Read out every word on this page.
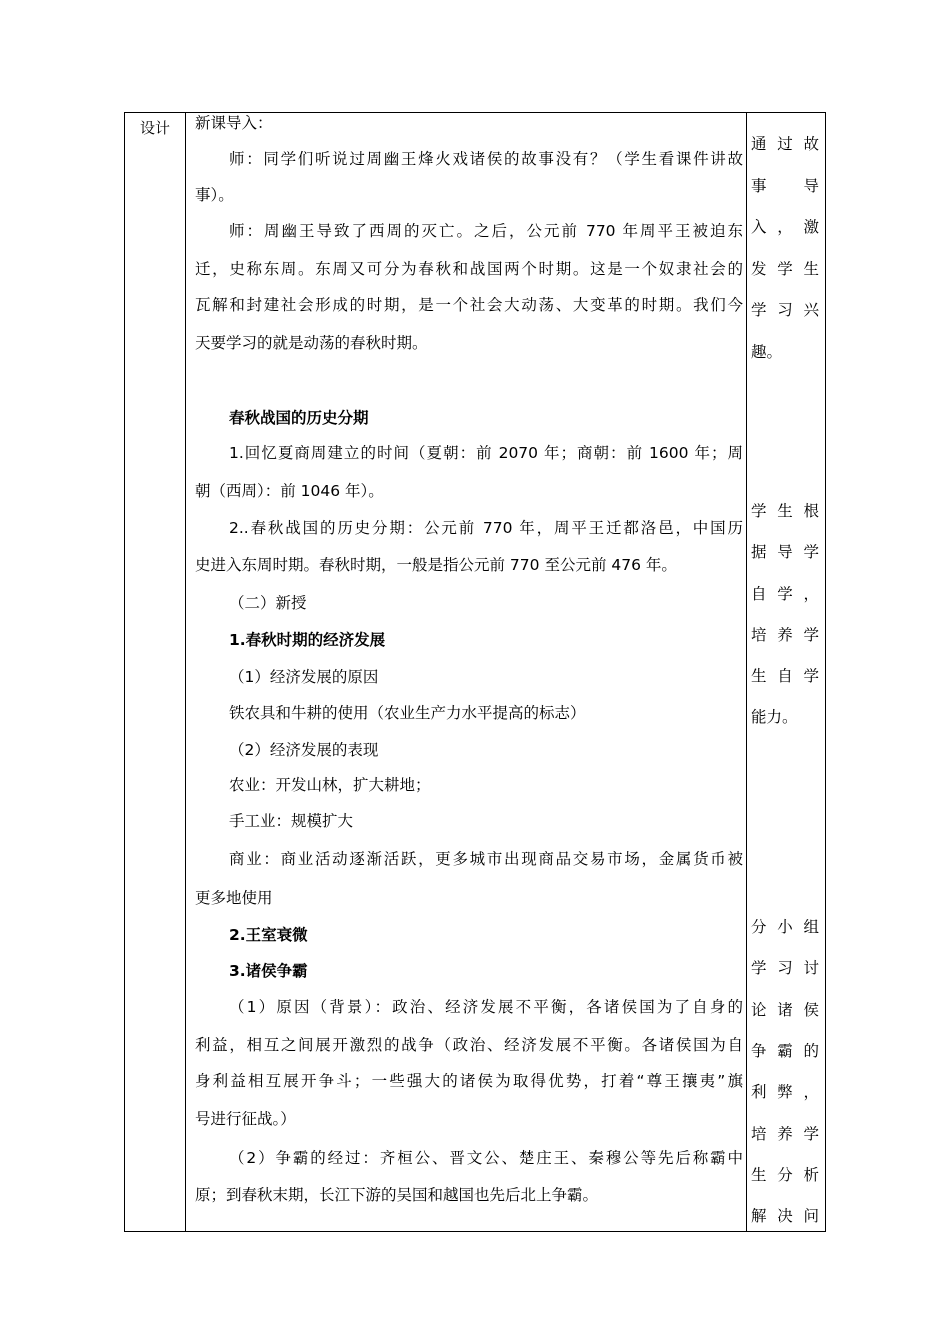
设计	新课导入：
师：同学们听说过周幽王烽火戏诸侯的故事没有？（学生看课件讲故
事）。
师：周幽王导致了西周的灭亡。之后，公元前 770 年周平王被迫东
迁，史称东周。东周又可分为春秋和战国两个时期。这是一个奴隶社会的
瓦解和封建社会形成的时期，是一个社会大动荡、大变革的时期。我们今
天要学习的就是动荡的春秋时期。
春秋战国的历史分期
1.回忆夏商周建立的时间（夏朝：前 2070 年；商朝：前 1600 年；周
朝（西周）：前 1046 年）。
2..春秋战国的历史分期：公元前 770 年，周平王迁都洛邑，中国历
史进入东周时期。春秋时期，一般是指公元前 770 至公元前 476 年。
（二）新授
1.春秋时期的经济发展
（1）经济发展的原因
铁农具和牛耕的使用（农业生产力水平提高的标志）
（2）经济发展的表现
农业：开发山林，扩大耕地；
手工业：规模扩大
商业：商业活动逐渐活跃，更多城市出现商品交易市场，金属货币被
更多地使用
2.王室衰微
3.诸侯争霸
（1）原因（背景）：政治、经济发展不平衡，各诸侯国为了自身的
利益，相互之间展开激烈的战争（政治、经济发展不平衡。各诸侯国为自
身利益相互展开争斗；一些强大的诸侯为取得优势，打着“尊王攘夷”旗
号进行征战。）
（2）争霸的经过：齐桓公、晋文公、楚庄王、秦穆公等先后称霸中
原；到春秋末期，长江下游的吴国和越国也先后北上争霸。
通过故
事　导
入，激
发学生
学习兴
趣。
学生根
据导学
自学，
培养学
生自学
能力。
分小组
学习讨
论诸侯
争霸的
利弊，
培养学
生分析
解决问
